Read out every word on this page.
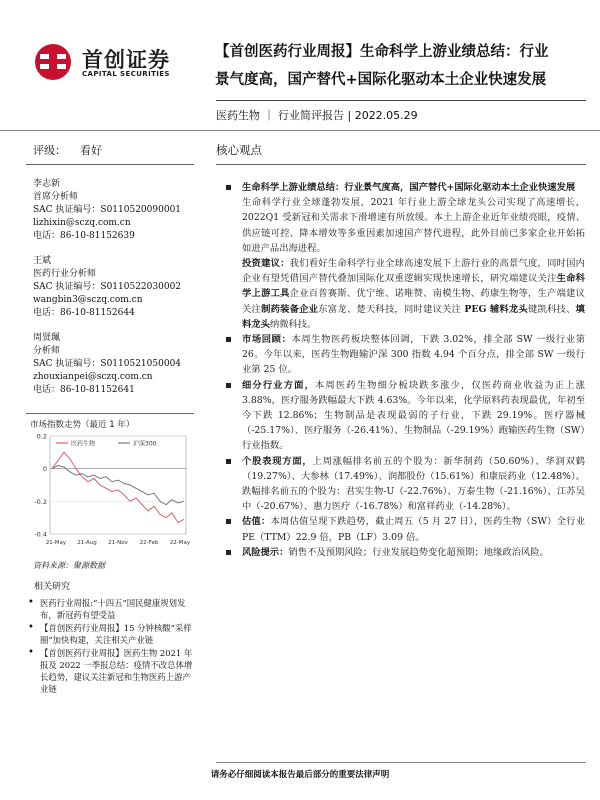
首创证券
CAPITAL SECURITIES
【首创医药行业周报】生命科学上游业绩总结：行业
景气度高，国产替代+国际化驱动本土企业快速发展
医药生物 ｜ 行业简评报告 | 2022.05.29
评级： 看好	核心观点
李志新
首席分析师
SAC 执证编号：S0110520090001
lizhixin@sczq.com.cn
电话：86-10-81152639
王斌
医药行业分析师
SAC 执证编号：S0110522030002
wangbin3@sczq.com.cn
电话：86-10-81152644
周贤珮
分析师
SAC 执证编号：S0110521050004
zhouxianpei@sczq.com.cn
电话：86-10-81152641
市场指数走势（最近 1 年）
0.2
0
-0.2
-0.4
21-May 21-Aug 21-Nov 22-Feb 22-May
医药生物	沪深300
资料来源：聚源数据
相关研究
• 医药行业周报:“十四五”国民健康规划发布，新冠药有望受益
• 【首创医药行业周报】15 分钟核酸“采样圈”加快构建，关注相关产业链
• 【首创医药行业周报】医药生物 2021 年报及 2022 一季报总结：疫情不改总体增长趋势，建议关注新冠和生物医药上游产业链
生命科学上游业绩总结：行业景气度高，国产替代+国际化驱动本土企业快速发展
生命科学行业全球蓬勃发展，2021 年行业上游全球龙头公司实现了高速增长，2022Q1 受新冠和关需求下滑增速有所放缓。本土上游企业近年业绩亮眼，疫情、供应链可控、降本增效等多重因素加速国产替代进程，此外目前已多家企业开始拓如进产品出海进程。
投资建议：我们看好生命科学行业全球高速发展下上游行业的高景气度，同时国内企业有望凭借国产替代叠加国际化双重逻辑实现快速增长，研究端建议关注生命科学上游工具企业百普赛斯、优宁维、诺唯赞、南模生物、药康生物等，生产端建议关注制药装备企业东富龙、楚天科技，同时建议关注 PEG 辅料龙头键凯科技、填料龙头纳微科技。
市场回顾：本周生物医药板块整体回调，下跌 3.02%，排全部 SW 一级行业第 26。今年以来，医药生物跑输沪深 300 指数 4.94 个百分点，排全部 SW 一级行业第 25 位。
细分行业方面，本周医药生物细分板块跌多涨少，仅医药商业收益为正上涨 3.88%，医疗服务跌幅最大下跌 4.63%。今年以来，化学原料药表现最优，年初至今下跌 12.86%；生物制品是表现最弱的子行业，下跌 29.19%。医疗器械（-25.17%）、医疗服务（-26.41%）、生物制品（-29.19%）跑输医药生物（SW）行业指数。
个股表现方面，上周涨幅排名前五的个股为：新华制药（50.60%）、华润双鹤（19.27%）、大参林（17.49%）、润都股份（15.61%）和康辰药业（12.48%）。跌幅排名前五的个股为：君实生物-U（-22.76%）、万泰生物（-21.16%）、江苏吴中（-20.67%）、惠力医疗（-16.78%）和富祥药业（-14.28%）。
估值：本周估值呈现下跌趋势，截止周五（5 月 27 日），医药生物（SW）全行业 PE（TTM）22.9 倍，PB（LF）3.09 倍。
风险提示：销售不及预期风险；行业发展趋势变化超预期；地缘政治风险。
请务必仔细阅读本报告最后部分的重要法律声明
